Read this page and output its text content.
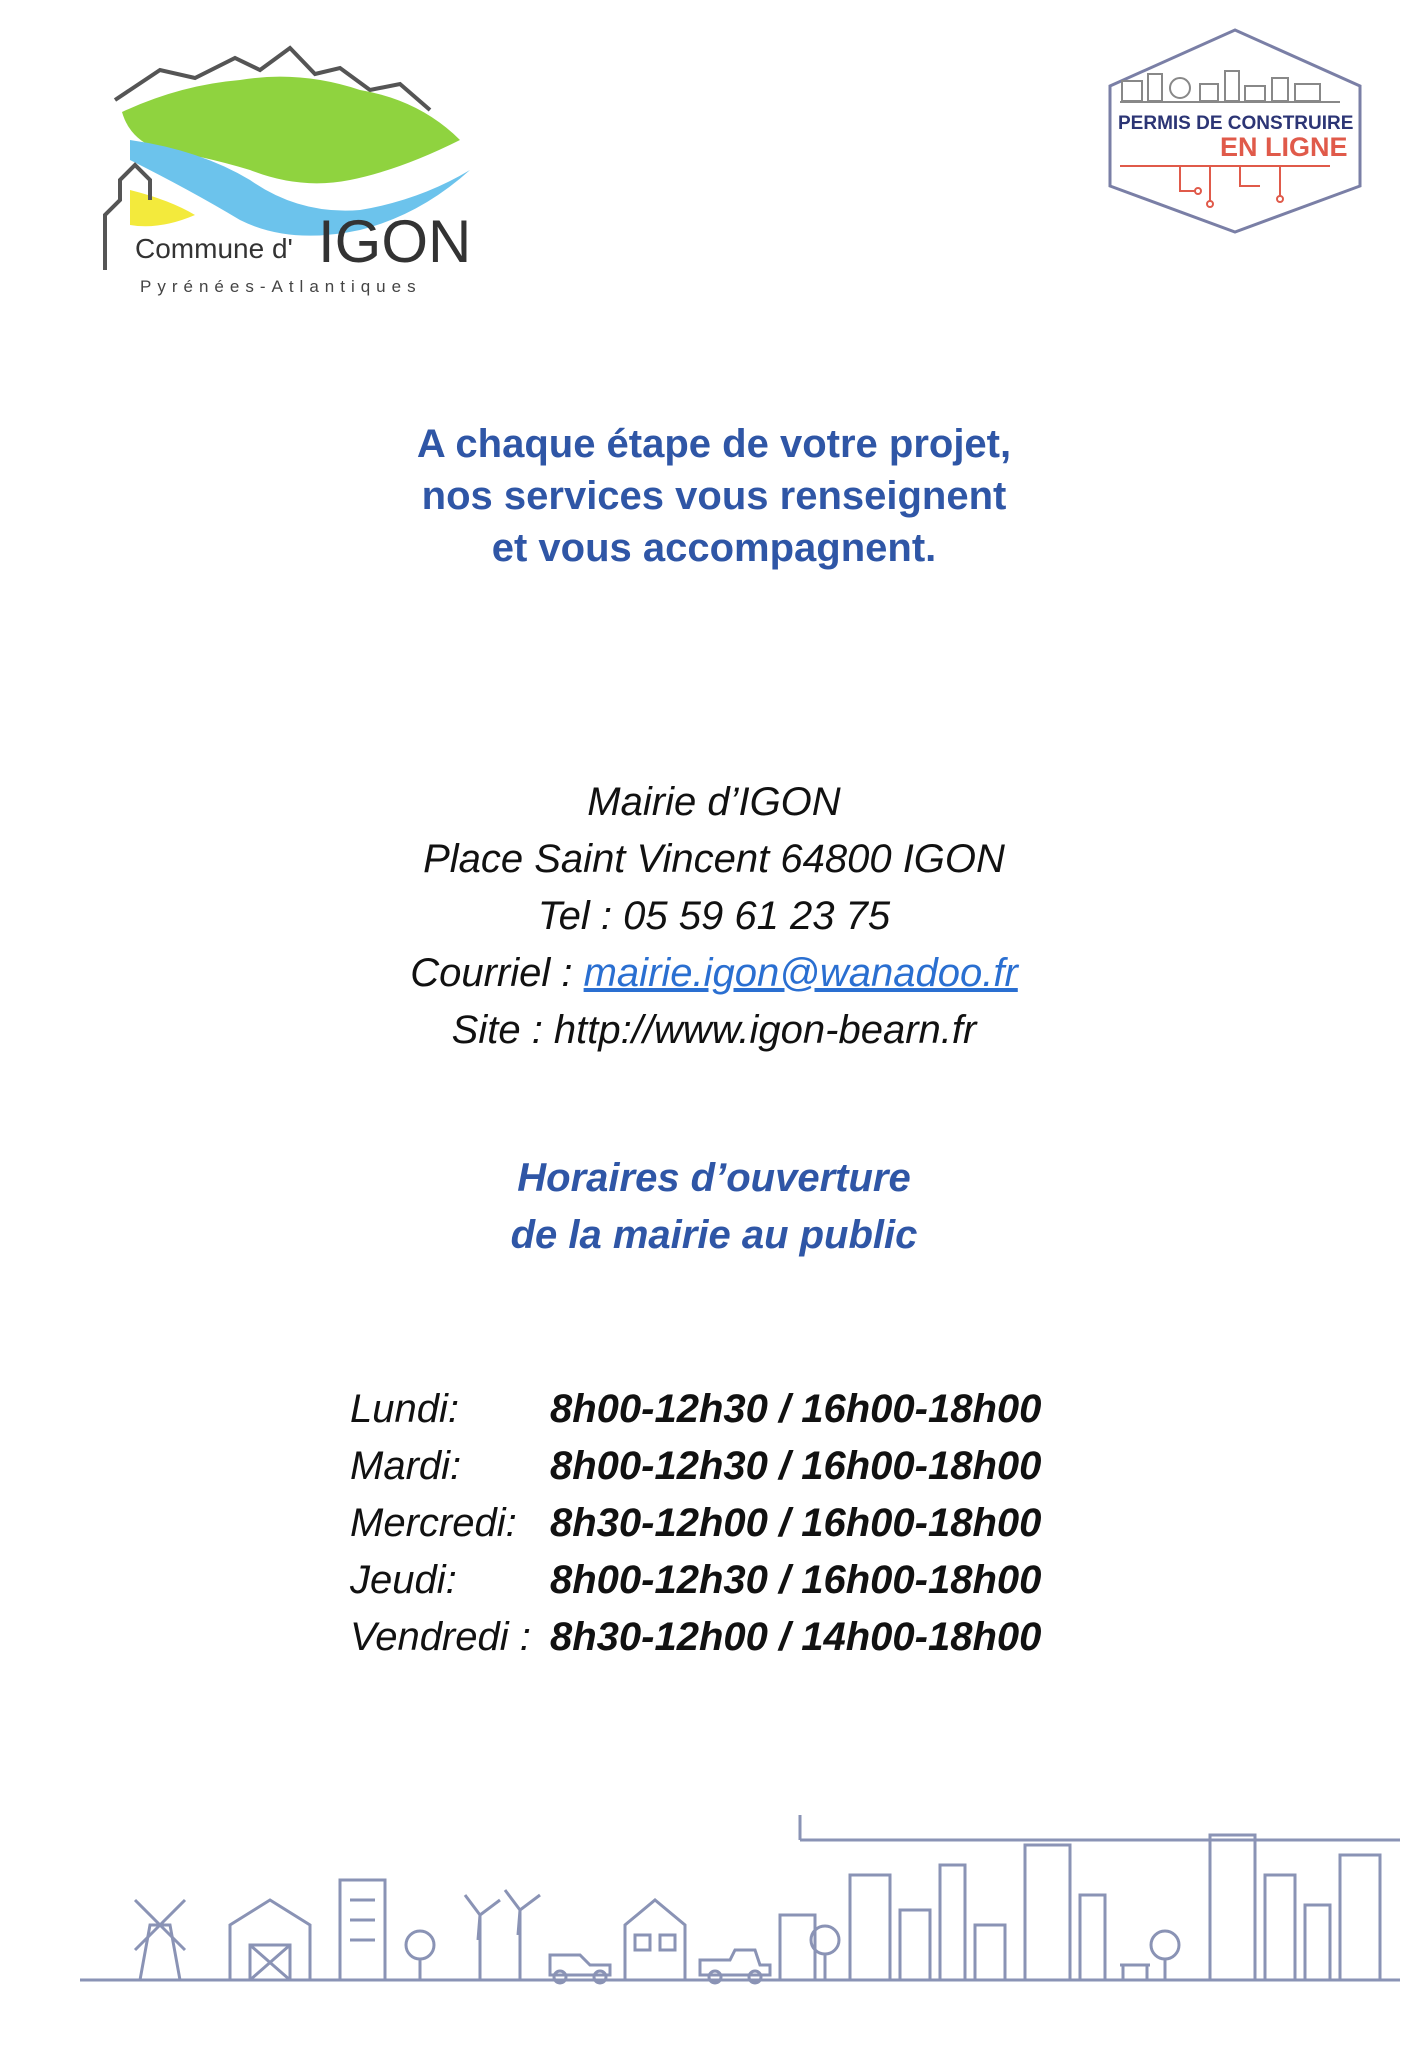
Commune d' IGON
Pyrénées-Atlantiques
PERMIS DE CONSTRUIRE
EN LIGNE
A chaque étape de votre projet,
nos services vous renseignent
et vous accompagnent.
Mairie d’IGON
Place Saint Vincent 64800 IGON
Tel : 05 59 61 23 75
Courriel : mairie.igon@wanadoo.fr
Site : http://www.igon-bearn.fr
Horaires d’ouverture
de la mairie au public
Lundi:	8h00-12h30 / 16h00-18h00
Mardi:	8h00-12h30 / 16h00-18h00
Mercredi: 8h30-12h00 / 16h00-18h00
Jeudi:	8h00-12h30 / 16h00-18h00
Vendredi : 8h30-12h00 / 14h00-18h00
